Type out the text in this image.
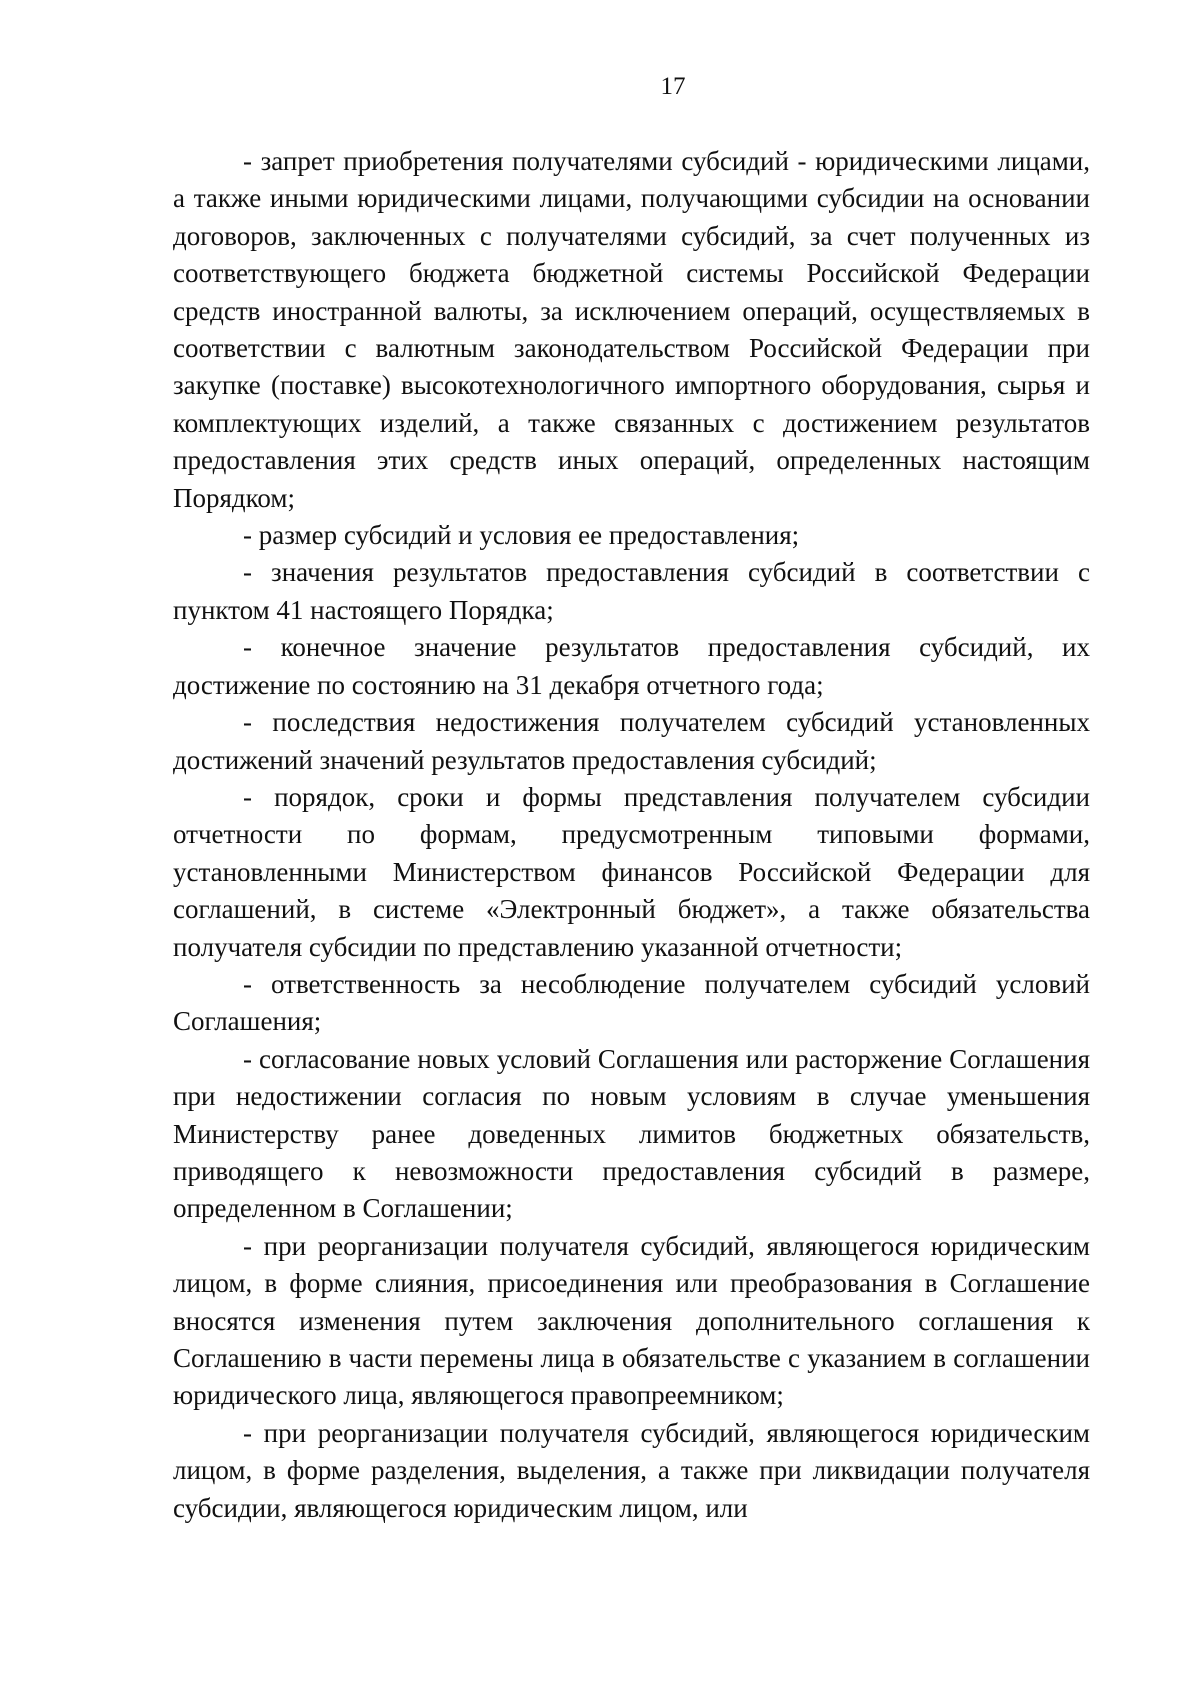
17

- запрет приобретения получателями субсидий - юридическими лицами, а также иными юридическими лицами, получающими субсидии на основании договоров, заключенных с получателями субсидий, за счет полученных из соответствующего бюджета бюджетной системы Российской Федерации средств иностранной валюты, за исключением операций, осуществляемых в соответствии с валютным законодательством Российской Федерации при закупке (поставке) высокотехнологичного импортного оборудования, сырья и комплектующих изделий, а также связанных с достижением результатов предоставления этих средств иных операций, определенных настоящим Порядком;

- размер субсидий и условия ее предоставления;

- значения результатов предоставления субсидий в соответствии с пунктом 41 настоящего Порядка;

- конечное значение результатов предоставления субсидий, их достижение по состоянию на 31 декабря отчетного года;

- последствия недостижения получателем субсидий установленных достижений значений результатов предоставления субсидий;

- порядок, сроки и формы представления получателем субсидии отчетности по формам, предусмотренным типовыми формами, установленными Министерством финансов Российской Федерации для соглашений, в системе «Электронный бюджет», а также обязательства получателя субсидии по представлению указанной отчетности;

- ответственность за несоблюдение получателем субсидий условий Соглашения;

- согласование новых условий Соглашения или расторжение Соглашения при недостижении согласия по новым условиям в случае уменьшения Министерству ранее доведенных лимитов бюджетных обязательств, приводящего к невозможности предоставления субсидий в размере, определенном в Соглашении;

- при реорганизации получателя субсидий, являющегося юридическим лицом, в форме слияния, присоединения или преобразования в Соглашение вносятся изменения путем заключения дополнительного соглашения к Соглашению в части перемены лица в обязательстве с указанием в соглашении юридического лица, являющегося правопреемником;

- при реорганизации получателя субсидий, являющегося юридическим лицом, в форме разделения, выделения, а также при ликвидации получателя субсидии, являющегося юридическим лицом, или
